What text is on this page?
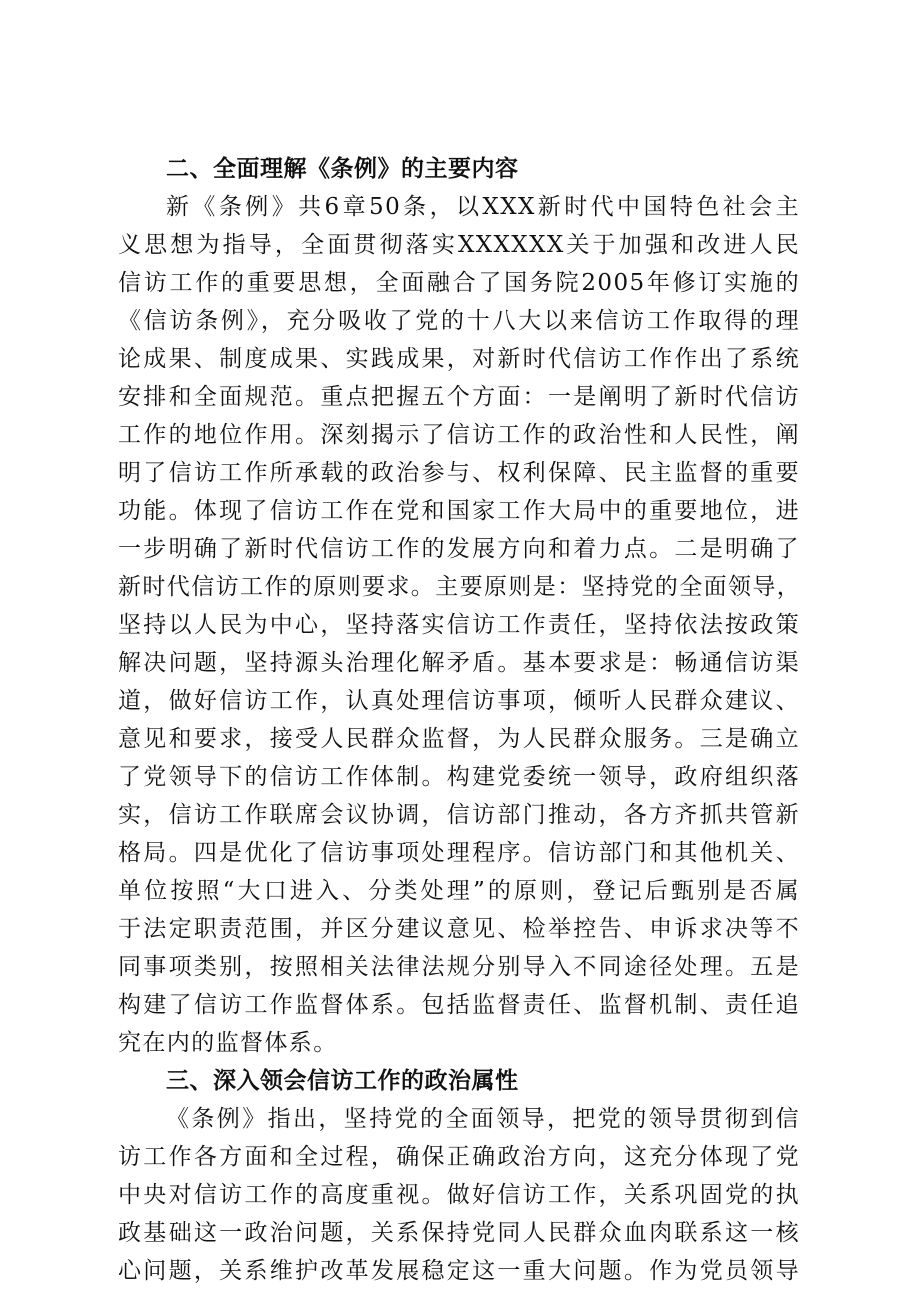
二、全面理解《条例》的主要内容

新《条例》共6章50条，以XXX新时代中国特色社会主
义思想为指导，全面贯彻落实XXXXXX关于加强和改进人民
信访工作的重要思想，全面融合了国务院2005年修订实施的
《信访条例》，充分吸收了党的十八大以来信访工作取得的理
论成果、制度成果、实践成果，对新时代信访工作作出了系统
安排和全面规范。重点把握五个方面：一是阐明了新时代信访
工作的地位作用。深刻揭示了信访工作的政治性和人民性，阐
明了信访工作所承载的政治参与、权利保障、民主监督的重要
功能。体现了信访工作在党和国家工作大局中的重要地位，进
一步明确了新时代信访工作的发展方向和着力点。二是明确了
新时代信访工作的原则要求。主要原则是：坚持党的全面领导，
坚持以人民为中心，坚持落实信访工作责任，坚持依法按政策
解决问题，坚持源头治理化解矛盾。基本要求是：畅通信访渠
道，做好信访工作，认真处理信访事项，倾听人民群众建议、
意见和要求，接受人民群众监督，为人民群众服务。三是确立
了党领导下的信访工作体制。构建党委统一领导，政府组织落
实，信访工作联席会议协调，信访部门推动，各方齐抓共管新
格局。四是优化了信访事项处理程序。信访部门和其他机关、
单位按照“大口进入、分类处理”的原则，登记后甄别是否属
于法定职责范围，并区分建议意见、检举控告、申诉求决等不
同事项类别，按照相关法律法规分别导入不同途径处理。五是
构建了信访工作监督体系。包括监督责任、监督机制、责任追
究在内的监督体系。

三、深入领会信访工作的政治属性

《条例》指出，坚持党的全面领导，把党的领导贯彻到信
访工作各方面和全过程，确保正确政治方向，这充分体现了党
中央对信访工作的高度重视。做好信访工作，关系巩固党的执
政基础这一政治问题，关系保持党同人民群众血肉联系这一核
心问题，关系维护改革发展稳定这一重大问题。作为党员领导
